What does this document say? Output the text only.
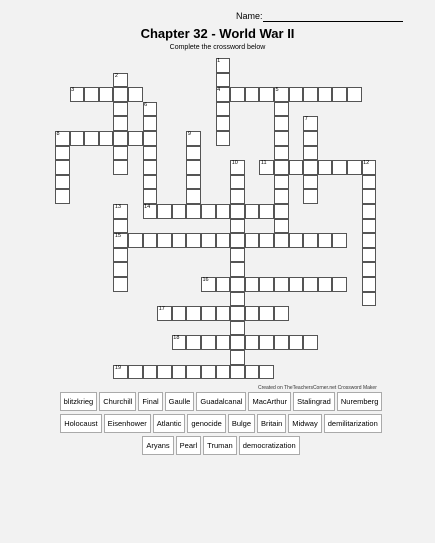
Name:
Chapter 32 - World War II
Complete the crossword below
1
2
3	4	5
6
7
8	9
10	11	12
13	14
15
16
17
18
19
Created on TheTeachersCorner.net Crossword Maker
blitzkrieg	Churchill	Final	Gaulle	Guadalcanal	MacArthur	Stalingrad	Nuremberg
Holocaust	Eisenhower	Atlantic	genocide	Bulge	Britain	Midway	demilitarization
Aryans	Pearl	Truman	democratization
